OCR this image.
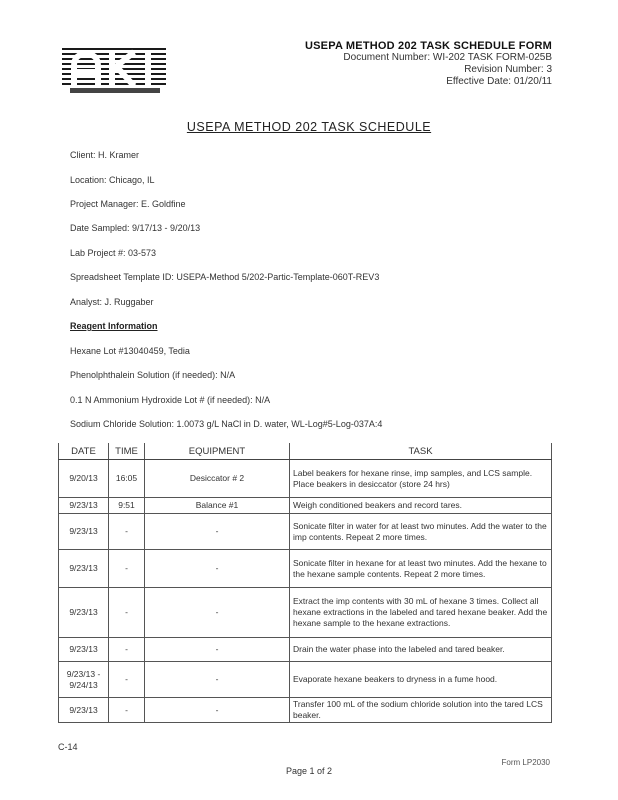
USEPA METHOD 202 TASK SCHEDULE FORM
Document Number: WI-202 TASK FORM-025B
Revision Number: 3
Effective Date: 01/20/11
USEPA METHOD 202 TASK SCHEDULE
Client: H. Kramer
Location: Chicago, IL
Project Manager: E. Goldfine
Date Sampled: 9/17/13 - 9/20/13
Lab Project #: 03-573
Spreadsheet Template ID: USEPA-Method 5/202-Partic-Template-060T-REV3
Analyst: J. Ruggaber
Reagent Information
Hexane Lot #13040459, Tedia
Phenolphthalein Solution (if needed): N/A
0.1 N Ammonium Hydroxide Lot # (if needed): N/A
Sodium Chloride Solution: 1.0073 g/L NaCl in D. water, WL-Log#5-Log-037A:4
DATE	TIME	EQUIPMENT	TASK
9/20/13	16:05	Desiccator # 2	Label beakers for hexane rinse, imp samples, and LCS sample. Place beakers in desiccator (store 24 hrs)
9/23/13	9:51	Balance #1	Weigh conditioned beakers and record tares.
9/23/13	-	-	Sonicate filter in water for at least two minutes. Add the water to the imp contents. Repeat 2 more times.
9/23/13	-	-	Sonicate filter in hexane for at least two minutes. Add the hexane to the hexane sample contents. Repeat 2 more times.
9/23/13	-	-	Extract the imp contents with 30 mL of hexane 3 times. Collect all hexane extractions in the labeled and tared hexane beaker. Add the hexane sample to the hexane extractions.
9/23/13	-	-	Drain the water phase into the labeled and tared beaker.
9/23/13 - 9/24/13	-	-	Evaporate hexane beakers to dryness in a fume hood.
9/23/13	-	-	Transfer 100 mL of the sodium chloride solution into the tared LCS beaker.
C-14
Form LP2030
Page 1 of 2
